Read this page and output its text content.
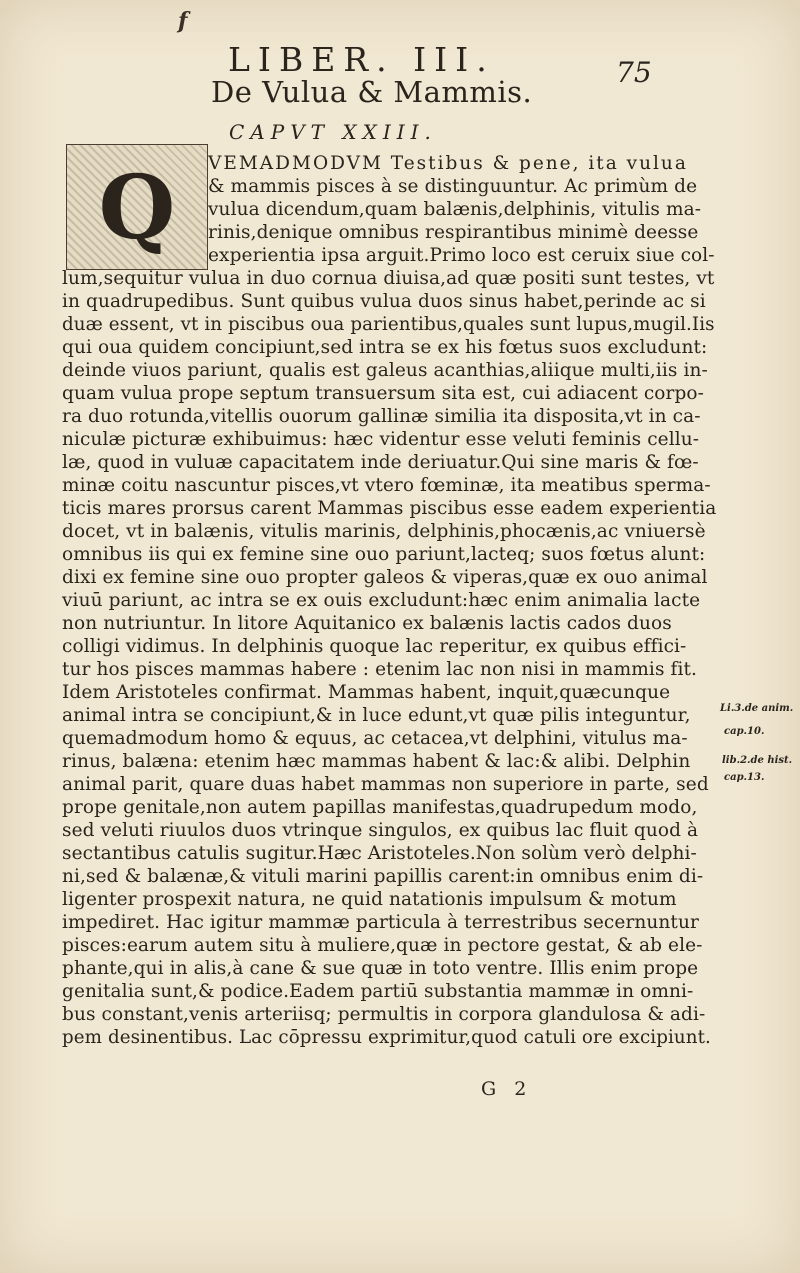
f
LIBER. III.	75
De Vulua & Mammis.
CAPVT XXIII.
Q	VEMADMODVM Testibus & pene, ita vulua
& mammis pisces à se distinguuntur. Ac primùm de
vulua dicendum,quam balænis,delphinis, vitulis ma-
rinis,denique omnibus respirantibus minimè deesse
experientia ipsa arguit.Primo loco est ceruix siue col-
lum,sequitur vulua in duo cornua diuisa,ad quæ positi sunt testes, vt
in quadrupedibus. Sunt quibus vulua duos sinus habet,perinde ac si
duæ essent, vt in piscibus oua parientibus,quales sunt lupus,mugil.Iis
qui oua quidem concipiunt,sed intra se ex his fœtus suos excludunt:
deinde viuos pariunt, qualis est galeus acanthias,aliique multi,iis in-
quam vulua prope septum transuersum sita est, cui adiacent corpo-
ra duo rotunda,vitellis ouorum gallinæ similia ita disposita,vt in ca-
niculæ picturæ exhibuimus: hæc videntur esse veluti feminis cellu-
læ, quod in vuluæ capacitatem inde deriuatur.Qui sine maris & fœ-
minæ coitu nascuntur pisces,vt vtero fœminæ, ita meatibus sperma-
ticis mares prorsus carent Mammas piscibus esse eadem experientia
docet, vt in balænis, vitulis marinis, delphinis,phocænis,ac vniuersè
omnibus iis qui ex femine sine ouo pariunt,lacteq; suos fœtus alunt:
dixi ex femine sine ouo propter galeos & viperas,quæ ex ouo animal
viuū pariunt, ac intra se ex ouis excludunt:hæc enim animalia lacte
non nutriuntur. In litore Aquitanico ex balænis lactis cados duos
colligi vidimus. In delphinis quoque lac reperitur, ex quibus effici-
tur hos pisces mammas habere : etenim lac non nisi in mammis fit.
Idem Aristoteles confirmat. Mammas habent, inquit,quæcunque
animal intra se concipiunt,& in luce edunt,vt quæ pilis integuntur,
quemadmodum homo & equus, ac cetacea,vt delphini, vitulus ma-
rinus, balæna: etenim hæc mammas habent & lac:& alibi. Delphin
animal parit, quare duas habet mammas non superiore in parte, sed
prope genitale,non autem papillas manifestas,quadrupedum modo,
sed veluti riuulos duos vtrinque singulos, ex quibus lac fluit quod à
sectantibus catulis sugitur.Hæc Aristoteles.Non solùm verò delphi-
ni,sed & balænæ,& vituli marini papillis carent:in omnibus enim di-
ligenter prospexit natura, ne quid natationis impulsum & motum
impediret. Hac igitur mammæ particula à terrestribus secernuntur
pisces:earum autem situ à muliere,quæ in pectore gestat, & ab ele-
phante,qui in alis,à cane & sue quæ in toto ventre. Illis enim prope
genitalia sunt,& podice.Eadem partiū substantia mammæ in omni-
bus constant,venis arteriisq; permultis in corpora glandulosa & adi-
pem desinentibus. Lac cōpressu exprimitur,quod catuli ore excipiunt.
Li.3.de anim.
cap.10.
lib.2.de hist.
cap.13.
G 2
